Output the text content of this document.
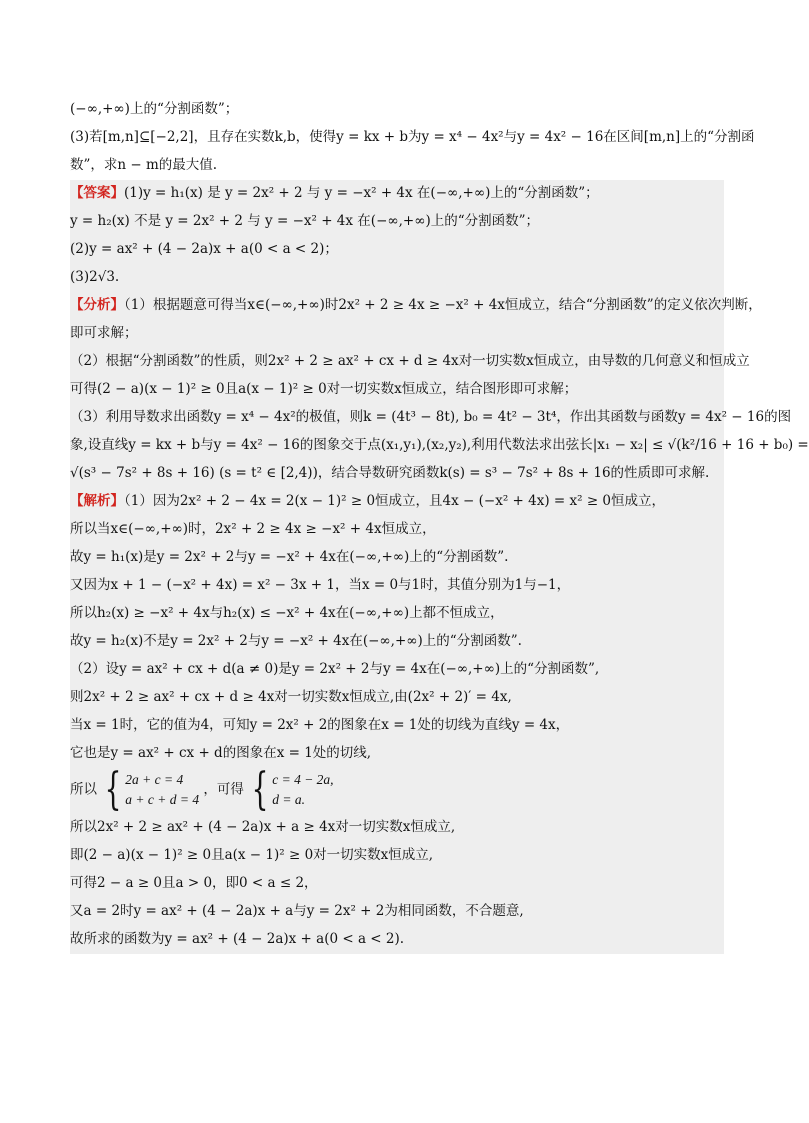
(−∞,+∞)上的“分割函数”；

(3)若[m,n]⊆[−2,2]，且存在实数k,b，使得y = kx + b为y = x⁴ − 4x²与y = 4x² − 16在区间[m,n]上的“分割函

数”，求n − m的最大值.

【答案】(1)y = h₁(x) 是 y = 2x² + 2 与 y = −x² + 4x 在(−∞,+∞)上的“分割函数”；

y = h₂(x) 不是 y = 2x² + 2 与 y = −x² + 4x 在(−∞,+∞)上的“分割函数”；

(2)y = ax² + (4 − 2a)x + a(0 < a < 2)；

(3)2√3.

【分析】（1）根据题意可得当x∈(−∞,+∞)时2x² + 2 ≥ 4x ≥ −x² + 4x恒成立，结合“分割函数”的定义依次判断，

即可求解；

（2）根据“分割函数”的性质，则2x² + 2 ≥ ax² + cx + d ≥ 4x对一切实数x恒成立，由导数的几何意义和恒成立

可得(2 − a)(x − 1)² ≥ 0且a(x − 1)² ≥ 0对一切实数x恒成立，结合图形即可求解；

（3）利用导数求出函数y = x⁴ − 4x²的极值，则k = (4t³ − 8t), b₀ = 4t² − 3t⁴，作出其函数与函数y = 4x² − 16的图

象,设直线y = kx + b与y = 4x² − 16的图象交于点(x₁,y₁),(x₂,y₂),利用代数法求出弦长|x₁ − x₂| ≤ √(k²/16 + 16 + b₀) =

√(s³ − 7s² + 8s + 16) (s = t² ∈ [2,4))，结合导数研究函数k(s) = s³ − 7s² + 8s + 16的性质即可求解.

【解析】（1）因为2x² + 2 − 4x = 2(x − 1)² ≥ 0恒成立，且4x − (−x² + 4x) = x² ≥ 0恒成立，

所以当x∈(−∞,+∞)时，2x² + 2 ≥ 4x ≥ −x² + 4x恒成立，

故y = h₁(x)是y = 2x² + 2与y = −x² + 4x在(−∞,+∞)上的“分割函数”.

又因为x + 1 − (−x² + 4x) = x² − 3x + 1，当x = 0与1时，其值分别为1与−1，

所以h₂(x) ≥ −x² + 4x与h₂(x) ≤ −x² + 4x在(−∞,+∞)上都不恒成立，

故y = h₂(x)不是y = 2x² + 2与y = −x² + 4x在(−∞,+∞)上的“分割函数”.

（2）设y = ax² + cx + d(a ≠ 0)是y = 2x² + 2与y = 4x在(−∞,+∞)上的“分割函数”,

则2x² + 2 ≥ ax² + cx + d ≥ 4x对一切实数x恒成立,由(2x² + 2)′ = 4x,

当x = 1时，它的值为4，可知y = 2x² + 2的图象在x = 1处的切线为直线y = 4x，

它也是y = ax² + cx + d的图象在x = 1处的切线,

所以 { 2a + c = 4
a + c + d = 4
，可得 { c = 4 − 2a,
d = a.

所以2x² + 2 ≥ ax² + (4 − 2a)x + a ≥ 4x对一切实数x恒成立,

即(2 − a)(x − 1)² ≥ 0且a(x − 1)² ≥ 0对一切实数x恒成立,

可得2 − a ≥ 0且a > 0，即0 < a ≤ 2，

又a = 2时y = ax² + (4 − 2a)x + a与y = 2x² + 2为相同函数，不合题意,

故所求的函数为y = ax² + (4 − 2a)x + a(0 < a < 2).
